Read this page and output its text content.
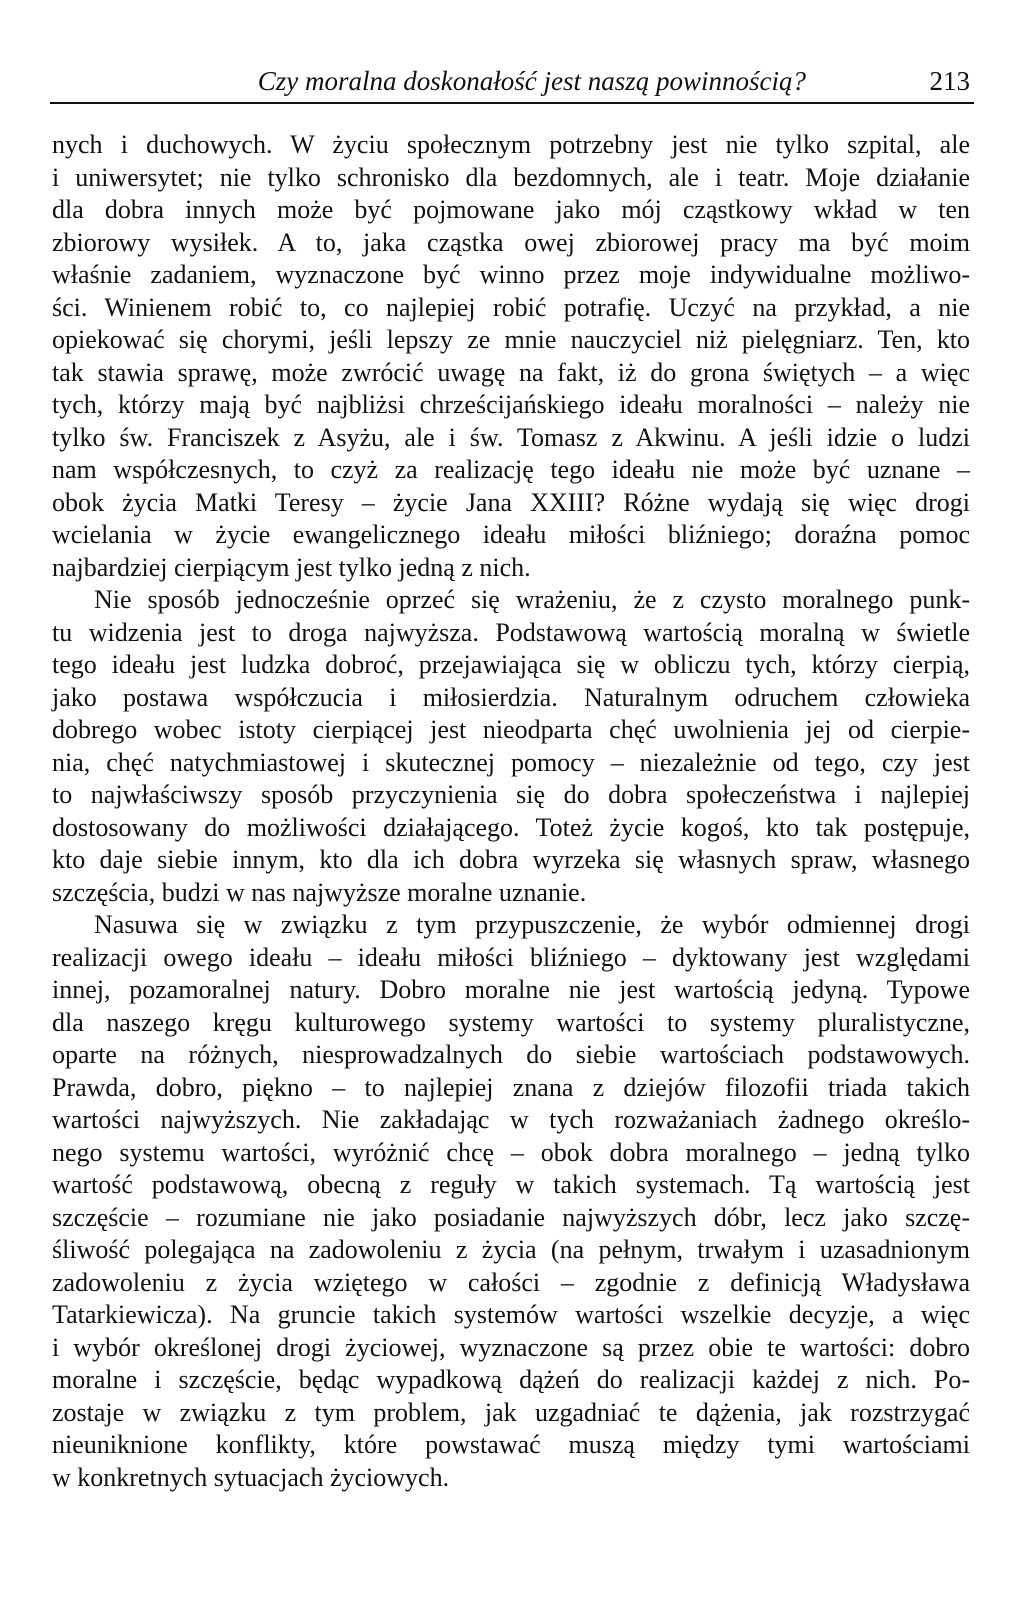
Czy moralna doskonałość jest naszą powinnością?	213
nych i duchowych. W życiu społecznym potrzebny jest nie tylko szpital, ale
i uniwersytet; nie tylko schronisko dla bezdomnych, ale i teatr. Moje działanie
dla dobra innych może być pojmowane jako mój cząstkowy wkład w ten
zbiorowy wysiłek. A to, jaka cząstka owej zbiorowej pracy ma być moim
właśnie zadaniem, wyznaczone być winno przez moje indywidualne możliwo-
ści. Winienem robić to, co najlepiej robić potrafię. Uczyć na przykład, a nie
opiekować się chorymi, jeśli lepszy ze mnie nauczyciel niż pielęgniarz. Ten, kto
tak stawia sprawę, może zwrócić uwagę na fakt, iż do grona świętych – a więc
tych, którzy mają być najbliżsi chrześcijańskiego ideału moralności – należy nie
tylko św. Franciszek z Asyżu, ale i św. Tomasz z Akwinu. A jeśli idzie o ludzi
nam współczesnych, to czyż za realizację tego ideału nie może być uznane –
obok życia Matki Teresy – życie Jana XXIII? Różne wydają się więc drogi
wcielania w życie ewangelicznego ideału miłości bliźniego; doraźna pomoc
najbardziej cierpiącym jest tylko jedną z nich.
Nie sposób jednocześnie oprzeć się wrażeniu, że z czysto moralnego punk-
tu widzenia jest to droga najwyższa. Podstawową wartością moralną w świetle
tego ideału jest ludzka dobroć, przejawiająca się w obliczu tych, którzy cierpią,
jako postawa współczucia i miłosierdzia. Naturalnym odruchem człowieka
dobrego wobec istoty cierpiącej jest nieodparta chęć uwolnienia jej od cierpie-
nia, chęć natychmiastowej i skutecznej pomocy – niezależnie od tego, czy jest
to najwłaściwszy sposób przyczynienia się do dobra społeczeństwa i najlepiej
dostosowany do możliwości działającego. Toteż życie kogoś, kto tak postępuje,
kto daje siebie innym, kto dla ich dobra wyrzeka się własnych spraw, własnego
szczęścia, budzi w nas najwyższe moralne uznanie.
Nasuwa się w związku z tym przypuszczenie, że wybór odmiennej drogi
realizacji owego ideału – ideału miłości bliźniego – dyktowany jest względami
innej, pozamoralnej natury. Dobro moralne nie jest wartością jedyną. Typowe
dla naszego kręgu kulturowego systemy wartości to systemy pluralistyczne,
oparte na różnych, niesprowadzalnych do siebie wartościach podstawowych.
Prawda, dobro, piękno – to najlepiej znana z dziejów filozofii triada takich
wartości najwyższych. Nie zakładając w tych rozważaniach żadnego określo-
nego systemu wartości, wyróżnić chcę – obok dobra moralnego – jedną tylko
wartość podstawową, obecną z reguły w takich systemach. Tą wartością jest
szczęście – rozumiane nie jako posiadanie najwyższych dóbr, lecz jako szczę-
śliwość polegająca na zadowoleniu z życia (na pełnym, trwałym i uzasadnionym
zadowoleniu z życia wziętego w całości – zgodnie z definicją Władysława
Tatarkiewicza). Na gruncie takich systemów wartości wszelkie decyzje, a więc
i wybór określonej drogi życiowej, wyznaczone są przez obie te wartości: dobro
moralne i szczęście, będąc wypadkową dążeń do realizacji każdej z nich. Po-
zostaje w związku z tym problem, jak uzgadniać te dążenia, jak rozstrzygać
nieuniknione konflikty, które powstawać muszą między tymi wartościami
w konkretnych sytuacjach życiowych.
